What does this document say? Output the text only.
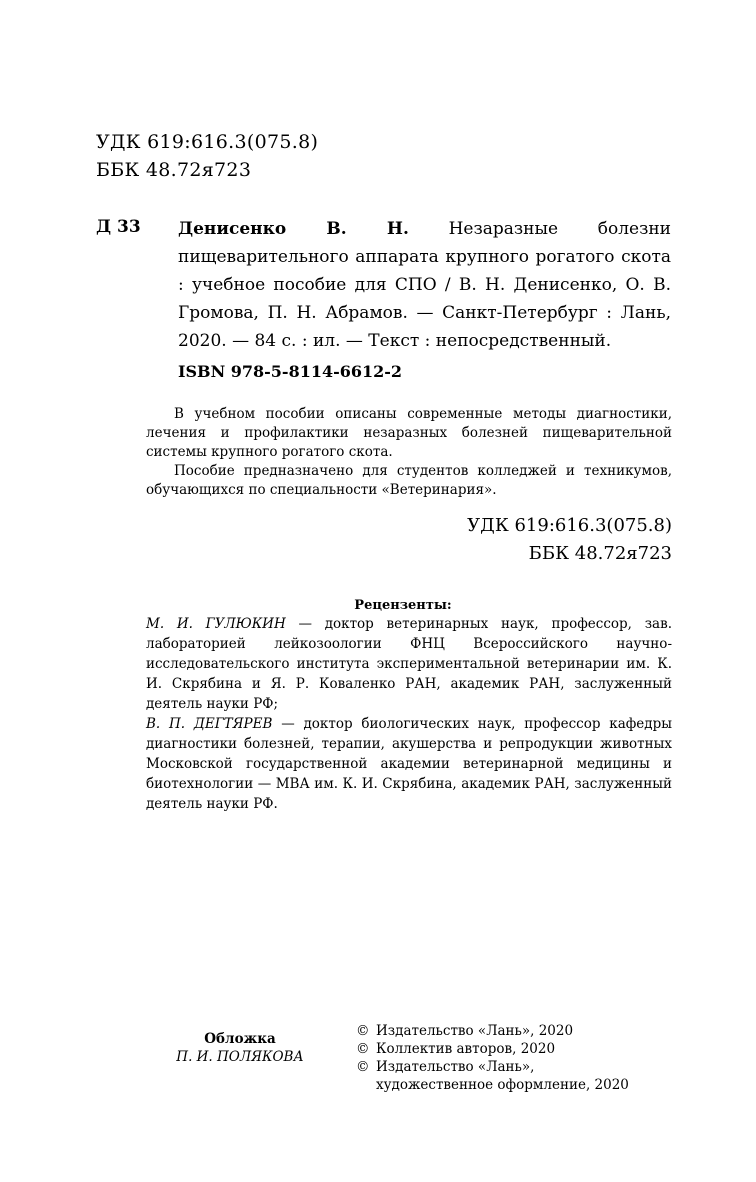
УДК 619:616.3(075.8)
ББК 48.72я723
Д 33 Денисенко В. Н. Незаразные болезни пищеварительного аппарата крупного рогатого скота : учебное пособие для СПО / В. Н. Денисенко, О. В. Громова, П. Н. Абрамов. — Санкт-Петербург : Лань, 2020. — 84 с. : ил. — Текст : непосредственный.

ISBN 978-5-8114-6612-2

В учебном пособии описаны современные методы диагностики, лечения и профилактики незаразных болезней пищеварительной системы крупного рогатого скота.

Пособие предназначено для студентов колледжей и техникумов, обучающихся по специальности «Ветеринария».

УДК 619:616.3(075.8)
ББК 48.72я723
Рецензенты:

М. И. ГУЛЮКИН — доктор ветеринарных наук, профессор, зав. лабораторией лейкозоологии ФНЦ Всероссийского научно-исследовательского института экспериментальной ветеринарии им. К. И. Скрябина и Я. Р. Коваленко РАН, академик РАН, заслуженный деятель науки РФ;

В. П. ДЕГТЯРЕВ — доктор биологических наук, профессор кафедры диагностики болезней, терапии, акушерства и репродукции животных Московской государственной академии ветеринарной медицины и биотехнологии — МВА им. К. И. Скрябина, академик РАН, заслуженный деятель науки РФ.

Обложка
П. И. ПОЛЯКОВА
© Издательство «Лань», 2020
© Коллектив авторов, 2020
© Издательство «Лань»,
художественное оформление, 2020
